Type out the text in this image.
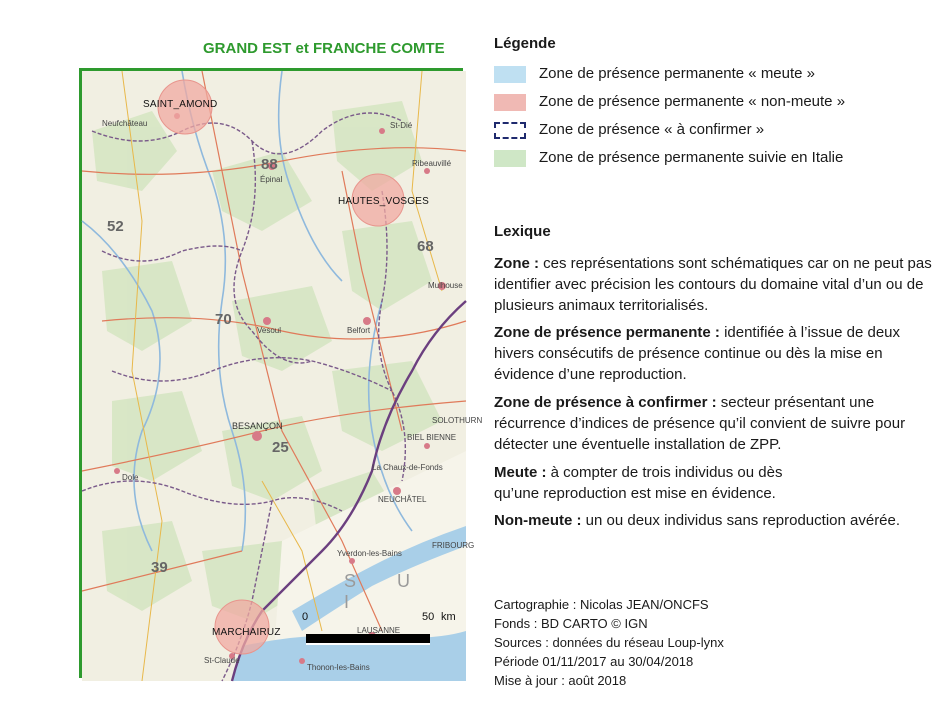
GRAND EST et FRANCHE COMTE
88
52
68
70
25
39
SAINT_AMOND
HAUTES_VOSGES
MARCHAIRUZ
Neufchâteau
Épinal
St-Dié
Ribeauvillé
Mulhouse
Vesoul	Belfort
BESANÇON
Dole
BIEL BIENNE
NEUCHÂTEL
Yverdon-les-Bains
LAUSANNE
Thonon-les-Bains
St-Claude
La Chaux-de-Fonds
FRIBOURG
SOLOTHURN
S U I
0	50 km
Légende
Zone de présence permanente « meute »
Zone de présence permanente « non-meute »
Zone de présence « à confirmer »
Zone de présence permanente suivie en Italie
Lexique
Zone : ces représentations sont schématiques car on ne peut pas identifier avec précision les contours du domaine vital d’un ou de plusieurs animaux territorialisés.
Zone de présence permanente : identifiée à l’issue de deux hivers consécutifs de présence continue ou dès la mise en évidence d’une reproduction.
Zone de présence à confirmer : secteur présentant une récurrence d’indices de présence qu’il convient de suivre pour détecter une éventuelle installation de ZPP.
Meute : à compter de trois individus ou dès qu’une reproduction est mise en évidence.
Non-meute : un ou deux individus sans reproduction avérée.
Cartographie : Nicolas JEAN/ONCFS
Fonds : BD CARTO © IGN
Sources : données du réseau Loup-lynx
Période 01/11/2017 au 30/04/2018
Mise à jour : août 2018
